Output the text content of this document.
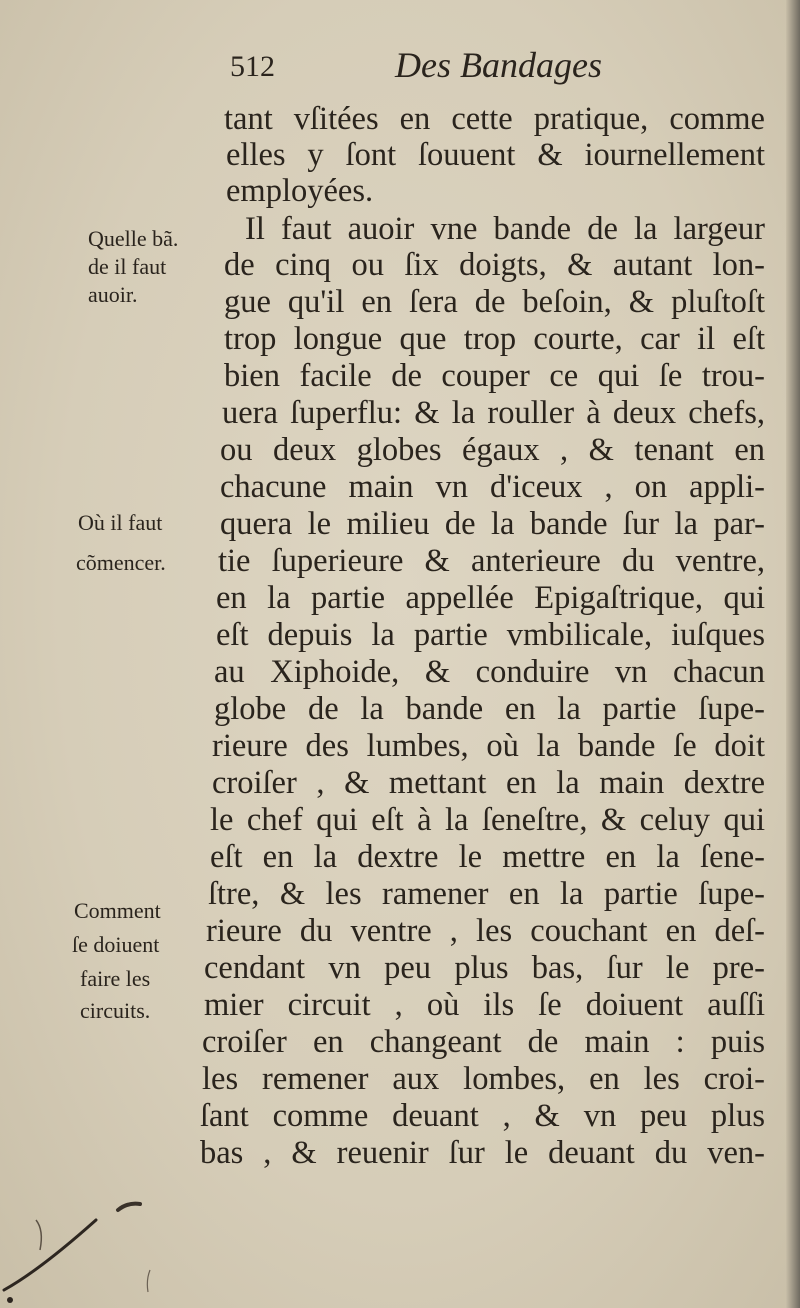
512	Des Bandages
tant vſitées en cette pratique, comme
elles y ſont ſouuent & iournellement
employées.
Il faut auoir vne bande de la largeur
de cinq ou ſix doigts, & autant lon-
gue qu'il en ſera de beſoin, & pluſtoſt
trop longue que trop courte, car il eſt
bien facile de couper ce qui ſe trou-
uera ſuperflu: & la rouller à deux chefs,
ou deux globes égaux , & tenant en
chacune main vn d'iceux , on appli-
quera le milieu de la bande ſur la par-
tie ſuperieure & anterieure du ventre,
en la partie appellée Epigaſtrique, qui
eſt depuis la partie vmbilicale, iuſques
au Xiphoide, & conduire vn chacun
globe de la bande en la partie ſupe-
rieure des lumbes, où la bande ſe doit
croiſer , & mettant en la main dextre
le chef qui eſt à la ſeneſtre, & celuy qui
eſt en la dextre le mettre en la ſene-
ſtre, & les ramener en la partie ſupe-
rieure du ventre , les couchant en deſ-
cendant vn peu plus bas, ſur le pre-
mier circuit , où ils ſe doiuent auſſi
croiſer en changeant de main : puis
les remener aux lombes, en les croi-
ſant comme deuant , & vn peu plus
bas , & reuenir ſur le deuant du ven-
Quelle bã.
de il faut
auoir.
Où il faut
cõmencer.
Comment
ſe doiuent
faire les
circuits.
